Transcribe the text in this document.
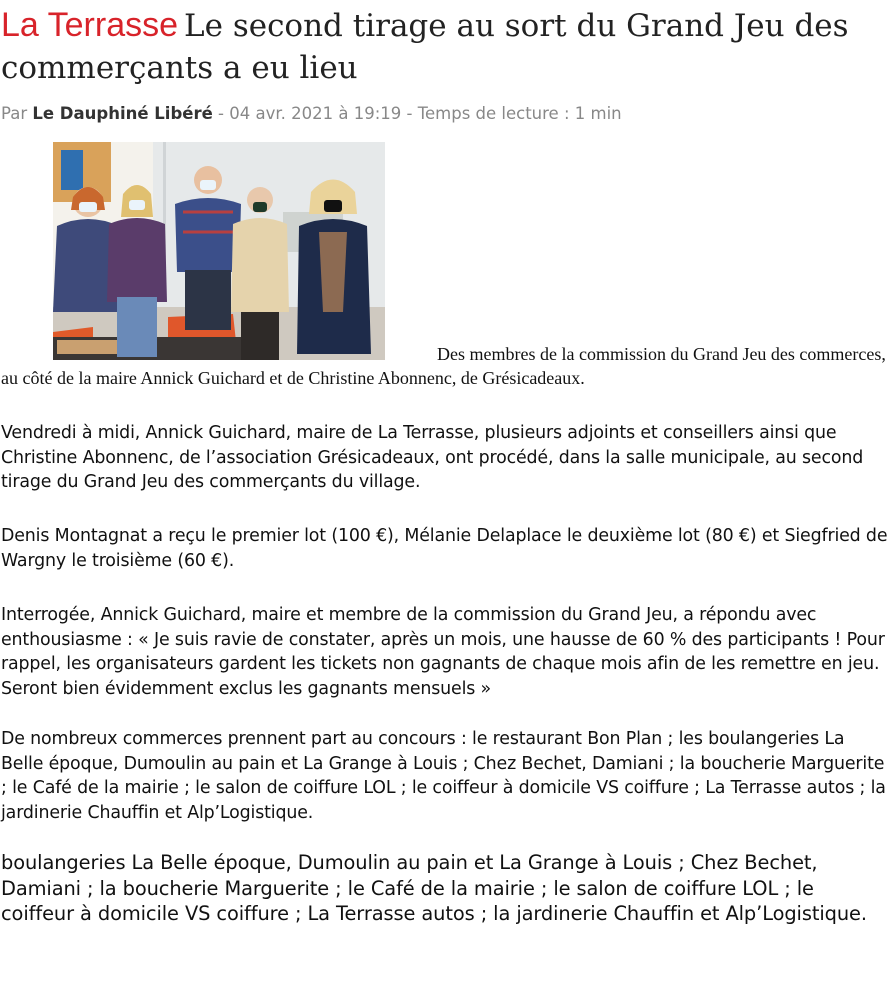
La Terrasse Le second tirage au sort du Grand Jeu des commerçants a eu lieu
Par Le Dauphiné Libéré - 04 avr. 2021 à 19:19 - Temps de lecture : 1 min

Des membres de la commission du Grand Jeu des commerces, au côté de la maire Annick Guichard et de Christine Abonnenc, de Grésicadeaux.

Vendredi à midi, Annick Guichard, maire de La Terrasse, plusieurs adjoints et conseillers ainsi que Christine Abonnenc, de l’association Grésicadeaux, ont procédé, dans la salle municipale, au second tirage du Grand Jeu des commerçants du village.

Denis Montagnat a reçu le premier lot (100 €), Mélanie Delaplace le deuxième lot (80 €) et Siegfried de Wargny le troisième (60 €).

Interrogée, Annick Guichard, maire et membre de la commission du Grand Jeu, a répondu avec enthousiasme : « Je suis ravie de constater, après un mois, une hausse de 60 % des participants ! Pour rappel, les organisateurs gardent les tickets non gagnants de chaque mois afin de les remettre en jeu. Seront bien évidemment exclus les gagnants mensuels »

De nombreux commerces prennent part au concours : le restaurant Bon Plan ; les boulangeries La Belle époque, Dumoulin au pain et La Grange à Louis ; Chez Bechet, Damiani ; la boucherie Marguerite ; le Café de la mairie ; le salon de coiffure LOL ; le coiffeur à domicile VS coiffure ; La Terrasse autos ; la jardinerie Chauffin et Alp’Logistique.

boulangeries La Belle époque, Dumoulin au pain et La Grange à Louis ; Chez Bechet, Damiani ; la boucherie Marguerite ; le Café de la mairie ; le salon de coiffure LOL ; le coiffeur à domicile VS coiffure ; La Terrasse autos ; la jardinerie Chauffin et Alp’Logistique.
